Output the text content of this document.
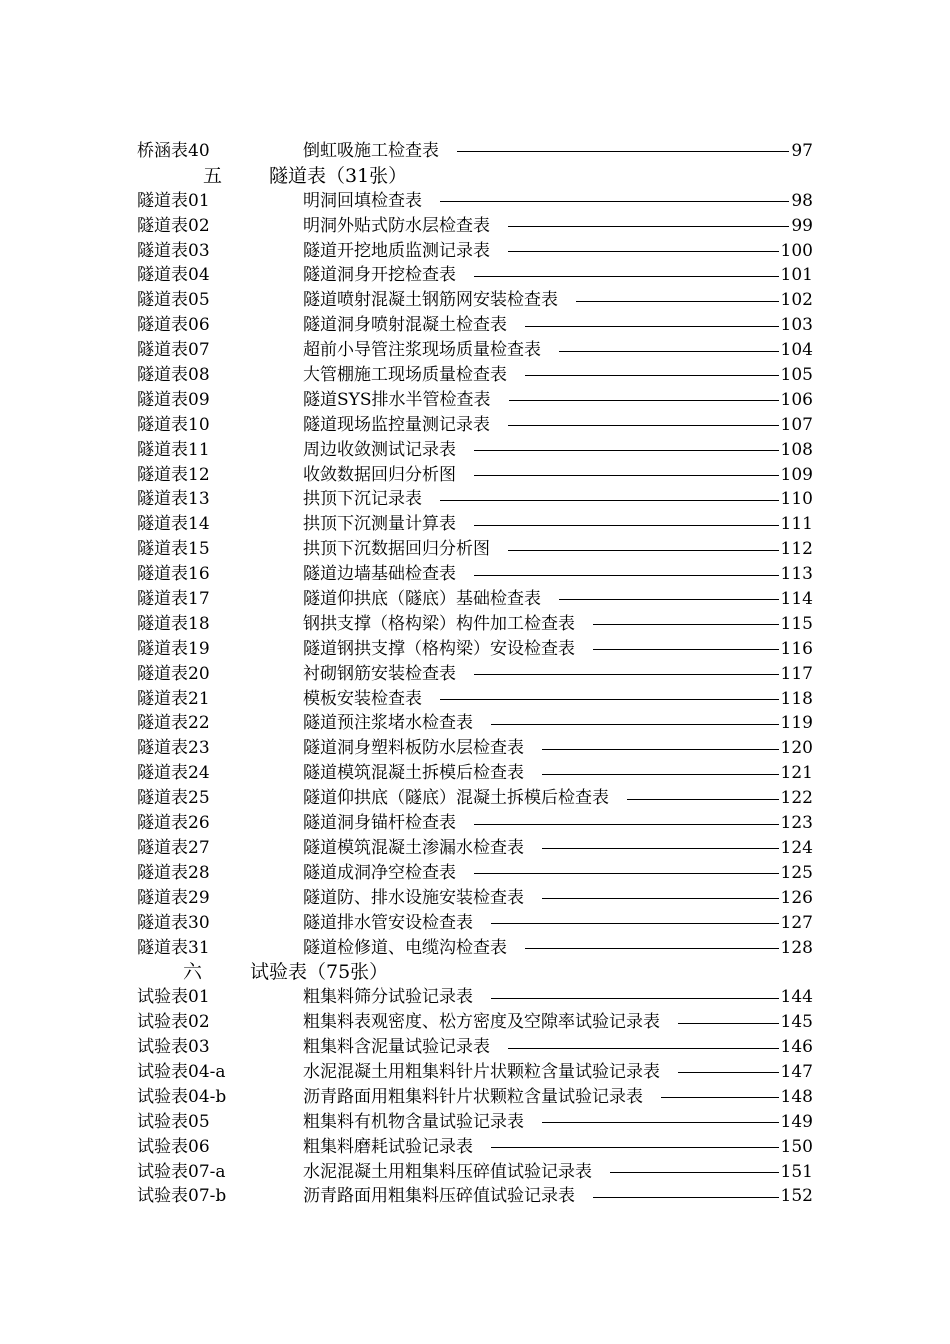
桥涵表40	倒虹吸施工检查表	97
五 隧道表（31张）
隧道表01	明洞回填检查表	98
隧道表02	明洞外贴式防水层检查表	99
隧道表03	隧道开挖地质监测记录表	100
隧道表04	隧道洞身开挖检查表	101
隧道表05	隧道喷射混凝土钢筋网安装检查表	102
隧道表06	隧道洞身喷射混凝土检查表	103
隧道表07	超前小导管注浆现场质量检查表	104
隧道表08	大管棚施工现场质量检查表	105
隧道表09	隧道SYS排水半管检查表	106
隧道表10	隧道现场监控量测记录表	107
隧道表11	周边收敛测试记录表	108
隧道表12	收敛数据回归分析图	109
隧道表13	拱顶下沉记录表	110
隧道表14	拱顶下沉测量计算表	111
隧道表15	拱顶下沉数据回归分析图	112
隧道表16	隧道边墙基础检查表	113
隧道表17	隧道仰拱底（隧底）基础检查表	114
隧道表18	钢拱支撑（格构梁）构件加工检查表	115
隧道表19	隧道钢拱支撑（格构梁）安设检查表	116
隧道表20	衬砌钢筋安装检查表	117
隧道表21	模板安装检查表	118
隧道表22	隧道预注浆堵水检查表	119
隧道表23	隧道洞身塑料板防水层检查表	120
隧道表24	隧道模筑混凝土拆模后检查表	121
隧道表25	隧道仰拱底（隧底）混凝土拆模后检查表	122
隧道表26	隧道洞身锚杆检查表	123
隧道表27	隧道模筑混凝土渗漏水检查表	124
隧道表28	隧道成洞净空检查表	125
隧道表29	隧道防、排水设施安装检查表	126
隧道表30	隧道排水管安设检查表	127
隧道表31	隧道检修道、电缆沟检查表	128
六	试验表（75张）
试验表01	粗集料筛分试验记录表	144
试验表02	粗集料表观密度、松方密度及空隙率试验记录表	145
试验表03	粗集料含泥量试验记录表	146
试验表04-a	水泥混凝土用粗集料针片状颗粒含量试验记录表	147
试验表04-b	沥青路面用粗集料针片状颗粒含量试验记录表	148
试验表05	粗集料有机物含量试验记录表	149
试验表06	粗集料磨耗试验记录表	150
试验表07-a	水泥混凝土用粗集料压碎值试验记录表	151
试验表07-b	沥青路面用粗集料压碎值试验记录表	152
